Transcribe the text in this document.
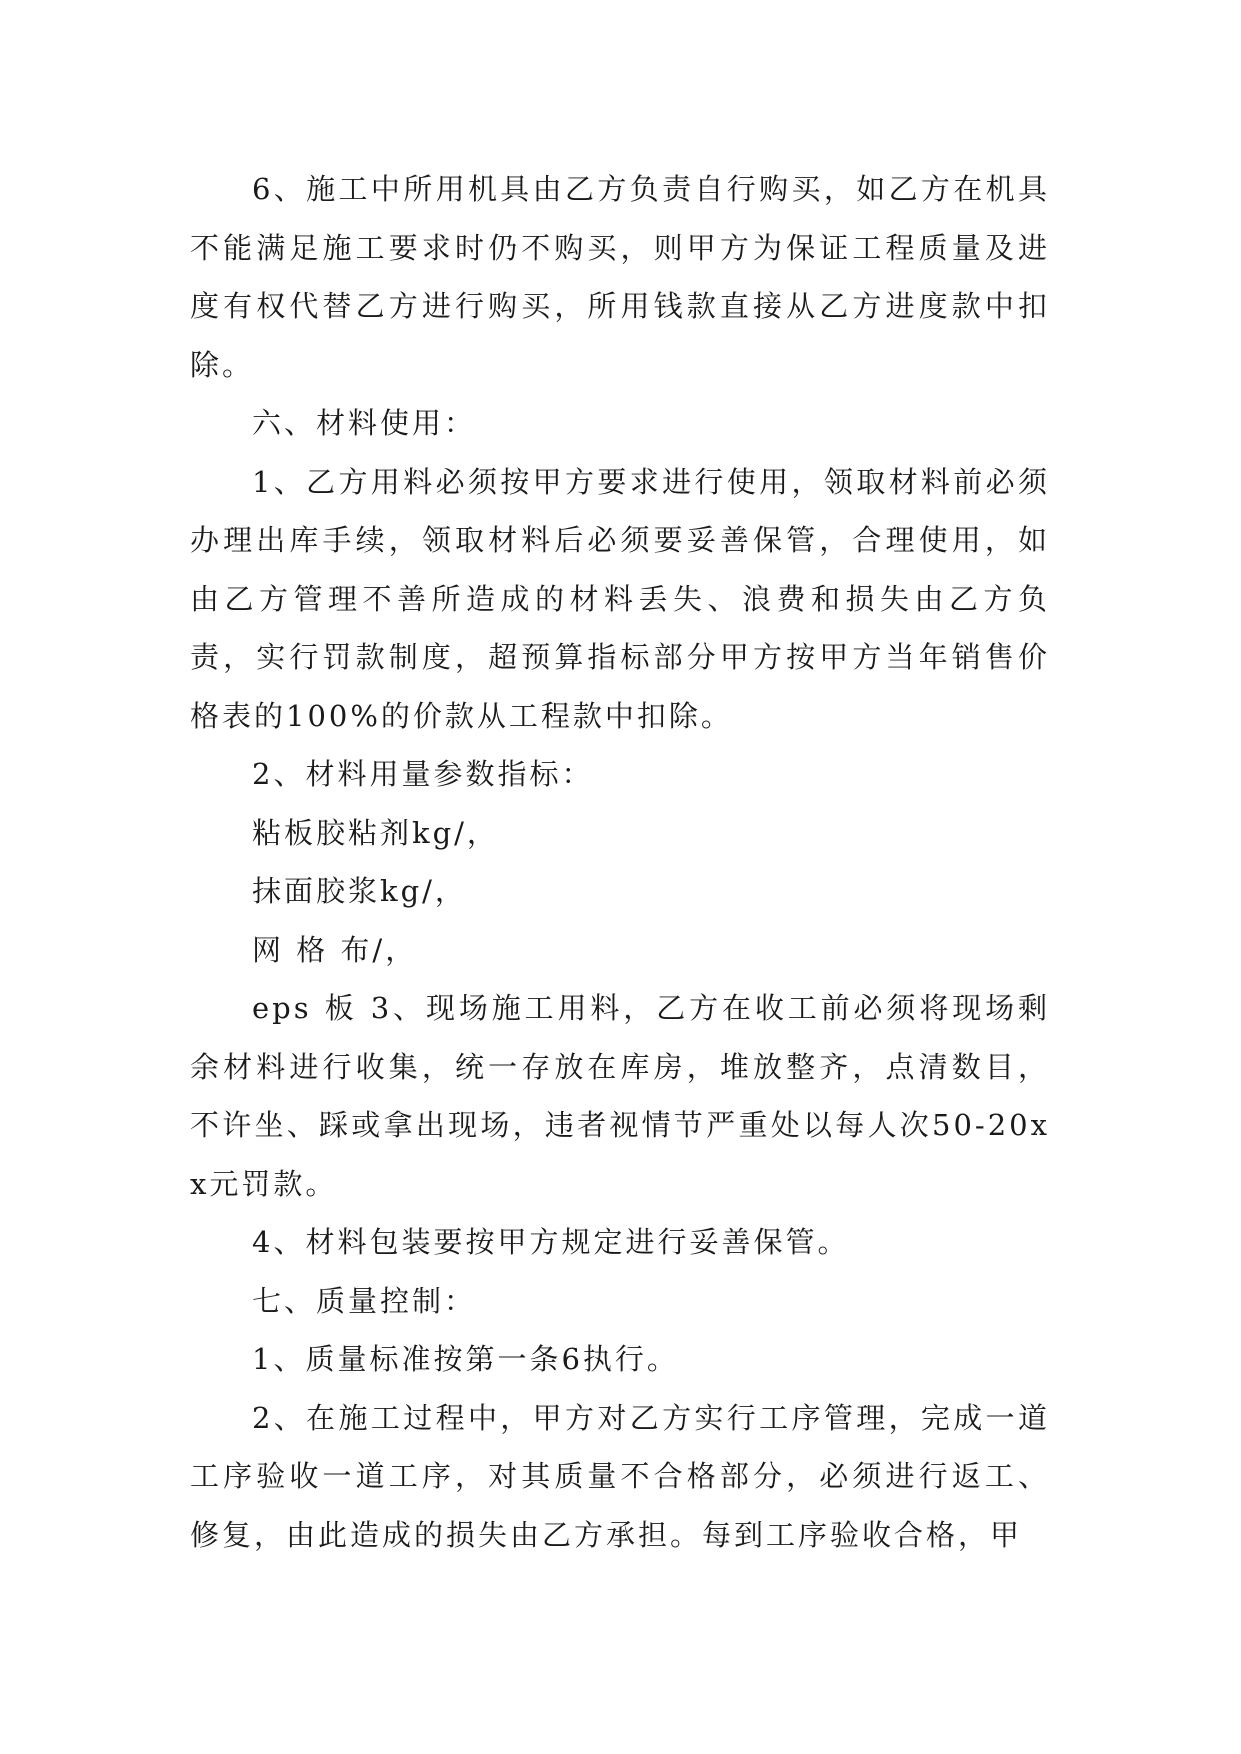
6、施工中所用机具由乙方负责自行购买，如乙方在机具不能满足施工要求时仍不购买，则甲方为保证工程质量及进度有权代替乙方进行购买，所用钱款直接从乙方进度款中扣除。

六、材料使用：

1、乙方用料必须按甲方要求进行使用，领取材料前必须办理出库手续，领取材料后必须要妥善保管，合理使用，如由乙方管理不善所造成的材料丢失、浪费和损失由乙方负责，实行罚款制度，超预算指标部分甲方按甲方当年销售价格表的100%的价款从工程款中扣除。

2、材料用量参数指标：

粘板胶粘剂kg/，

抹面胶浆kg/，

网 格 布/，

eps 板 3、现场施工用料，乙方在收工前必须将现场剩余材料进行收集，统一存放在库房，堆放整齐，点清数目，不许坐、踩或拿出现场，违者视情节严重处以每人次50-20xx元罚款。

4、材料包装要按甲方规定进行妥善保管。

七、质量控制：

1、质量标准按第一条6执行。

2、在施工过程中，甲方对乙方实行工序管理，完成一道工序验收一道工序，对其质量不合格部分，必须进行返工、修复，由此造成的损失由乙方承担。每到工序验收合格，甲
